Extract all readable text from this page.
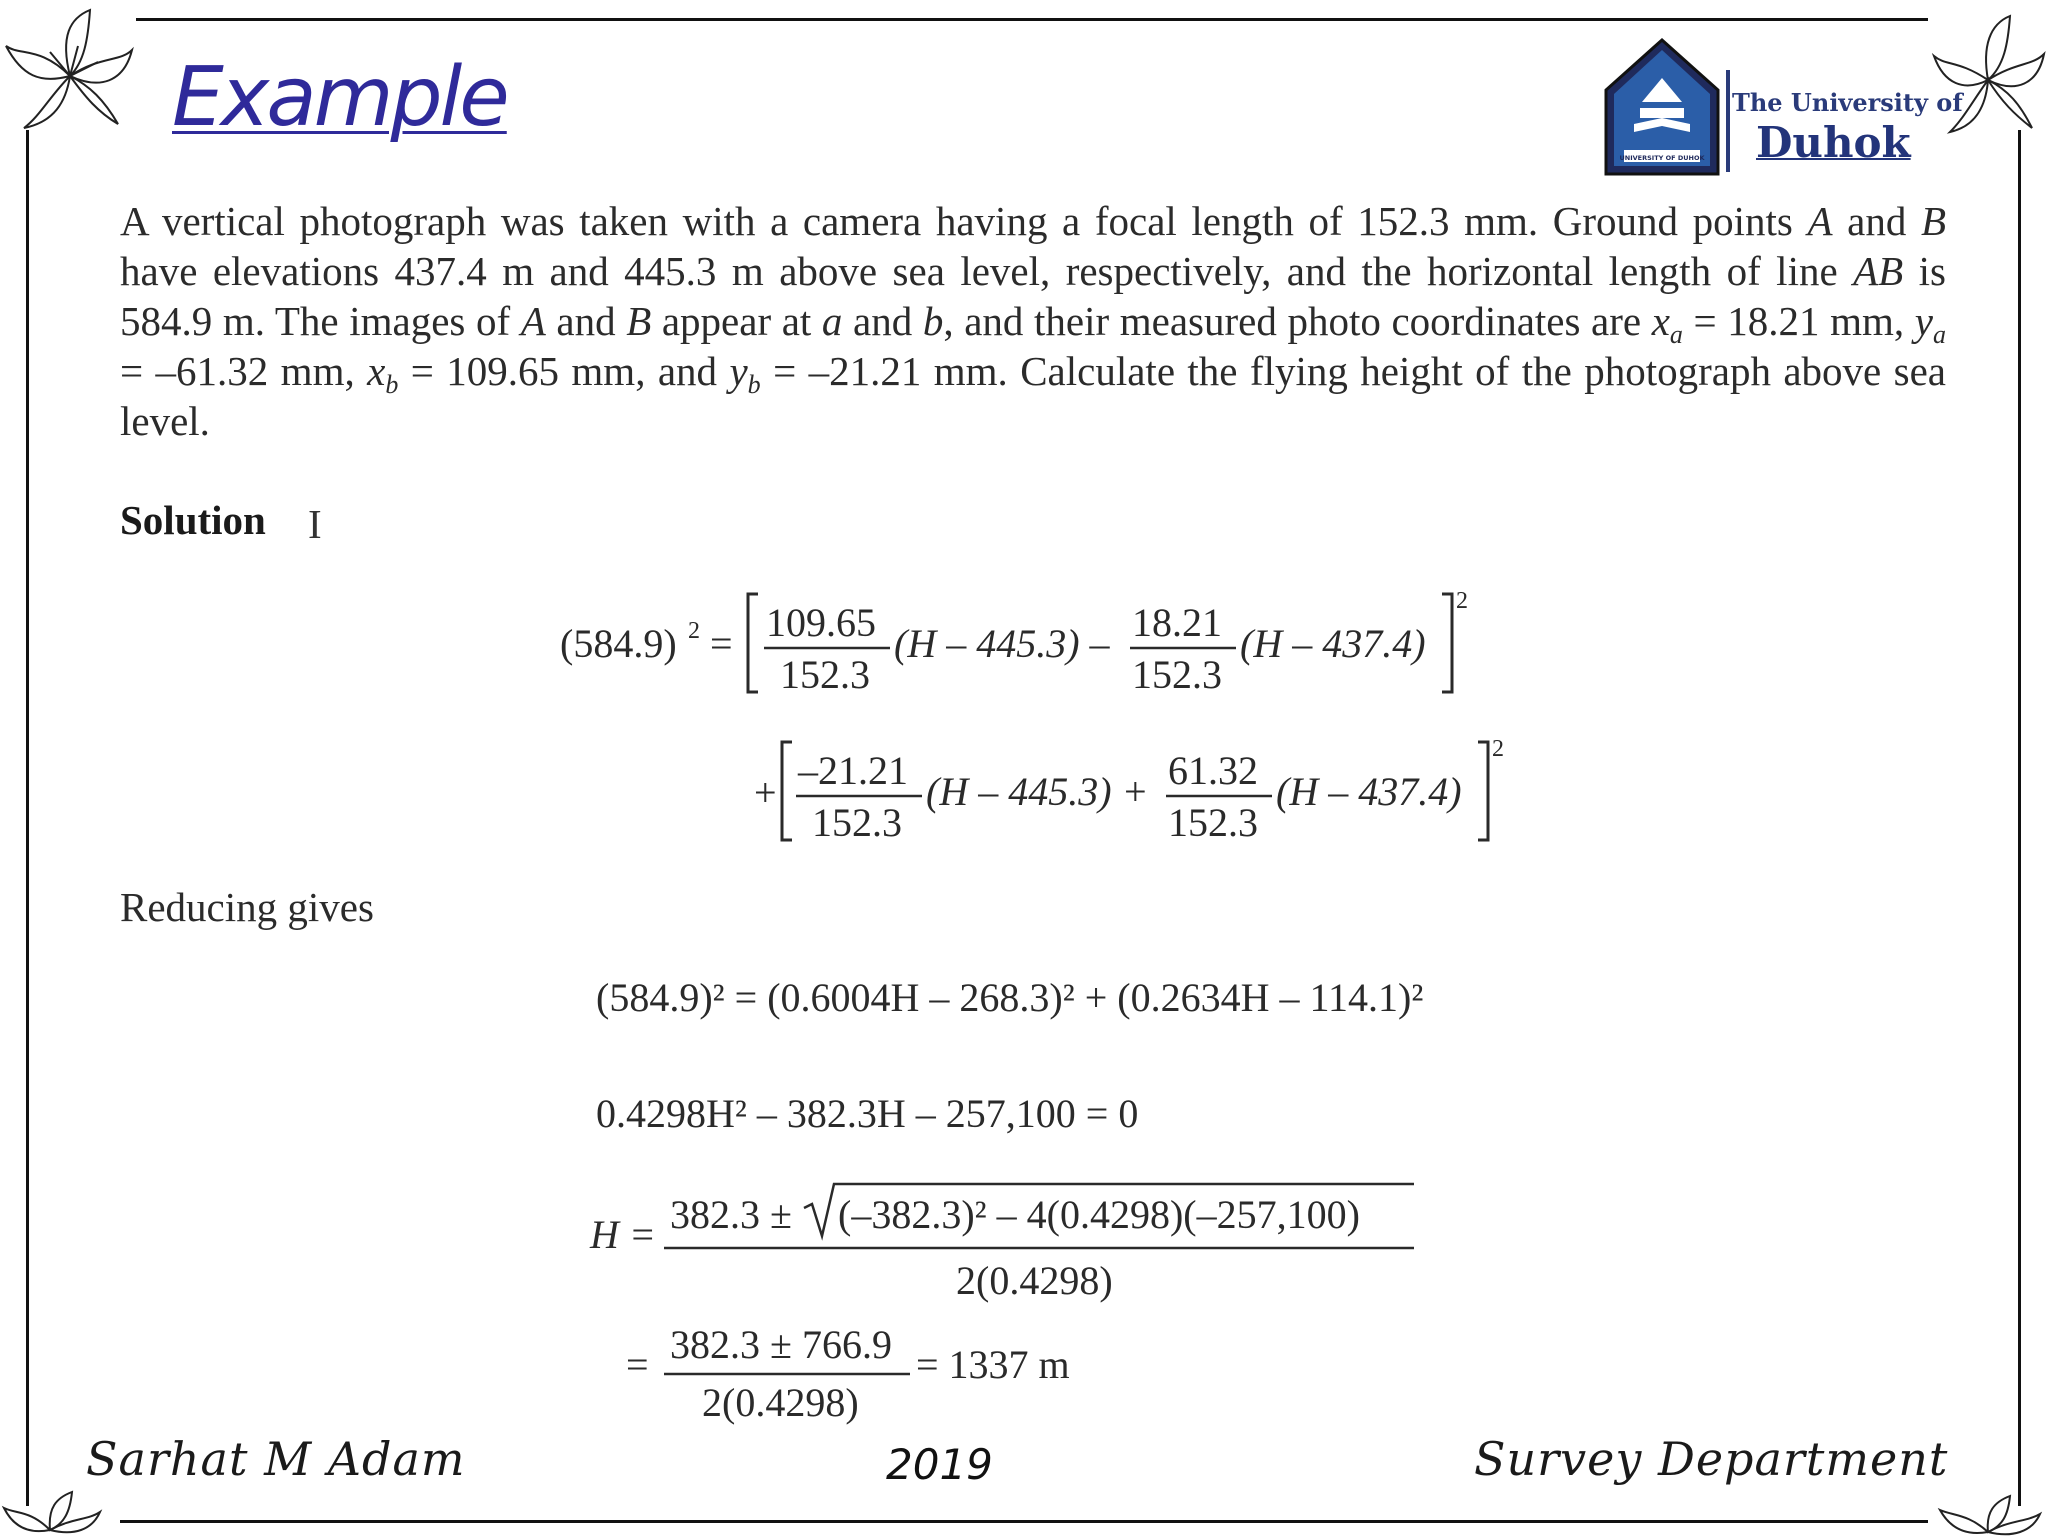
Example
UNIVERSITY OF DUHOK
The University of
Duhok
A vertical photograph was taken with a camera having a focal length of 152.3 mm. Ground points A and B have elevations 437.4 m and 445.3 m above sea level, respectively, and the horizontal length of line AB is 584.9 m. The images of A and B appear at a and b, and their measured photo coordinates are $x_a = 18.21$ mm, $y_a = -61.32$ mm, $x_b = 109.65$ mm, and $y_b = -21.21$ mm. Calculate the flying height of the photograph above sea level.
Solution I
(584.9) 2 = 109.65
152.3
(H – 445.3) – 18.21
152.3
(H – 437.4)
2
+ –21.21
152.3
(H – 445.3) + 61.32
152.3
(H – 437.4)
2
Reducing gives
(584.9)² = (0.6004H – 268.3)² + (0.2634H – 114.1)²
0.4298H² – 382.3H – 257,100 = 0
H = 382.3 ± (–382.3)² – 4(0.4298)(–257,100)
2(0.4298)
= 382.3 ± 766.9
2(0.4298)
= 1337 m
Sarhat M Adam	2019	Survey Department
